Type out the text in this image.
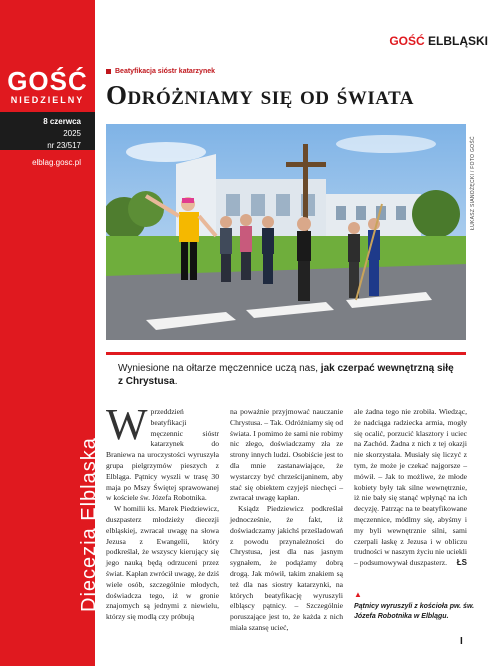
GOŚĆ
NIEDZIELNY
8 czerwca
2025
nr 23/517
elblag.gosc.pl
Diecezja Elbląska
GOŚĆ ELBLĄSKI
Beatyfikacja sióstr katarzynek
Odróżniamy się od świata
ŁUKASZ SIANOŻĘCKI / FOTO GOŚĆ
Wyniesione na ołtarze męczennice uczą nas, jak czerpać wewnętrzną siłę z Chrystusa.
W przeddzień beatyfikacji męczennic sióstr katarzynek do Braniewa na uroczystości wyruszyła grupa pielgrzymów pieszych z Elbląga. Pątnicy wyszli w trasę 30 maja po Mszy Świętej sprawowanej w kościele św. Józefa Robotnika.

W homilii ks. Marek Piedziewicz, duszpasterz młodzieży diecezji elbląskiej, zwracał uwagę na słowa Jezusa z Ewangelii, który podkreślał, że wszyscy kierujący się jego nauką będą odrzuceni przez świat. Kapłan zwrócił uwagę, że dziś wiele osób, szczególnie młodych, doświadcza tego, iż w gronie znajomych są jednymi z niewielu, którzy się modlą czy próbują

na poważnie przyjmować nauczanie Chrystusa. – Tak. Odróżniamy się od świata. I pomimo że sami nie robimy nic złego, doświadczamy zła ze strony innych ludzi. Osobiście jest to dla mnie zastanawiające, że wystarczy być chrześcijaninem, aby stać się obiektem czyjejś niechęci – zwracał uwagę kapłan.

Ksiądz Piedziewicz podkreślał jednocześnie, że fakt, iż doświadczamy jakichś prześladowań z powodu przynależności do Chrystusa, jest dla nas jasnym sygnałem, że podążamy dobrą drogą. Jak mówił, takim znakiem są też dla nas siostry katarzynki, na których beatyfikację wyruszyli elbląscy pątnicy. – Szczególnie poruszające jest to, że każda z nich miała szansę ucieć,

ale żadna tego nie zrobiła. Wiedząc, że nadciąga radziecka armia, mogły się ocalić, porzucić klasztory i uciec na Zachód. Żadna z nich z tej okazji nie skorzystała. Musiały się liczyć z tym, że może je czekać najgorsze – mówił. – Jak to możliwe, że młode kobiety były tak silne wewnętrznie, iż nie bały się stanąć wpłynąć na ich decyzję. Patrząc na te beatyfikowane męczennice, módlmy się, abyśmy i my byli wewnętrznie silni, sami czerpali łaskę z Jezusa i w obliczu trudności w naszym życiu nie uciekli – podsumowywał duszpasterz. ŁS

▲
Pątnicy wyruszyli z kościoła pw. św. Józefa Robotnika w Elblągu.
I
